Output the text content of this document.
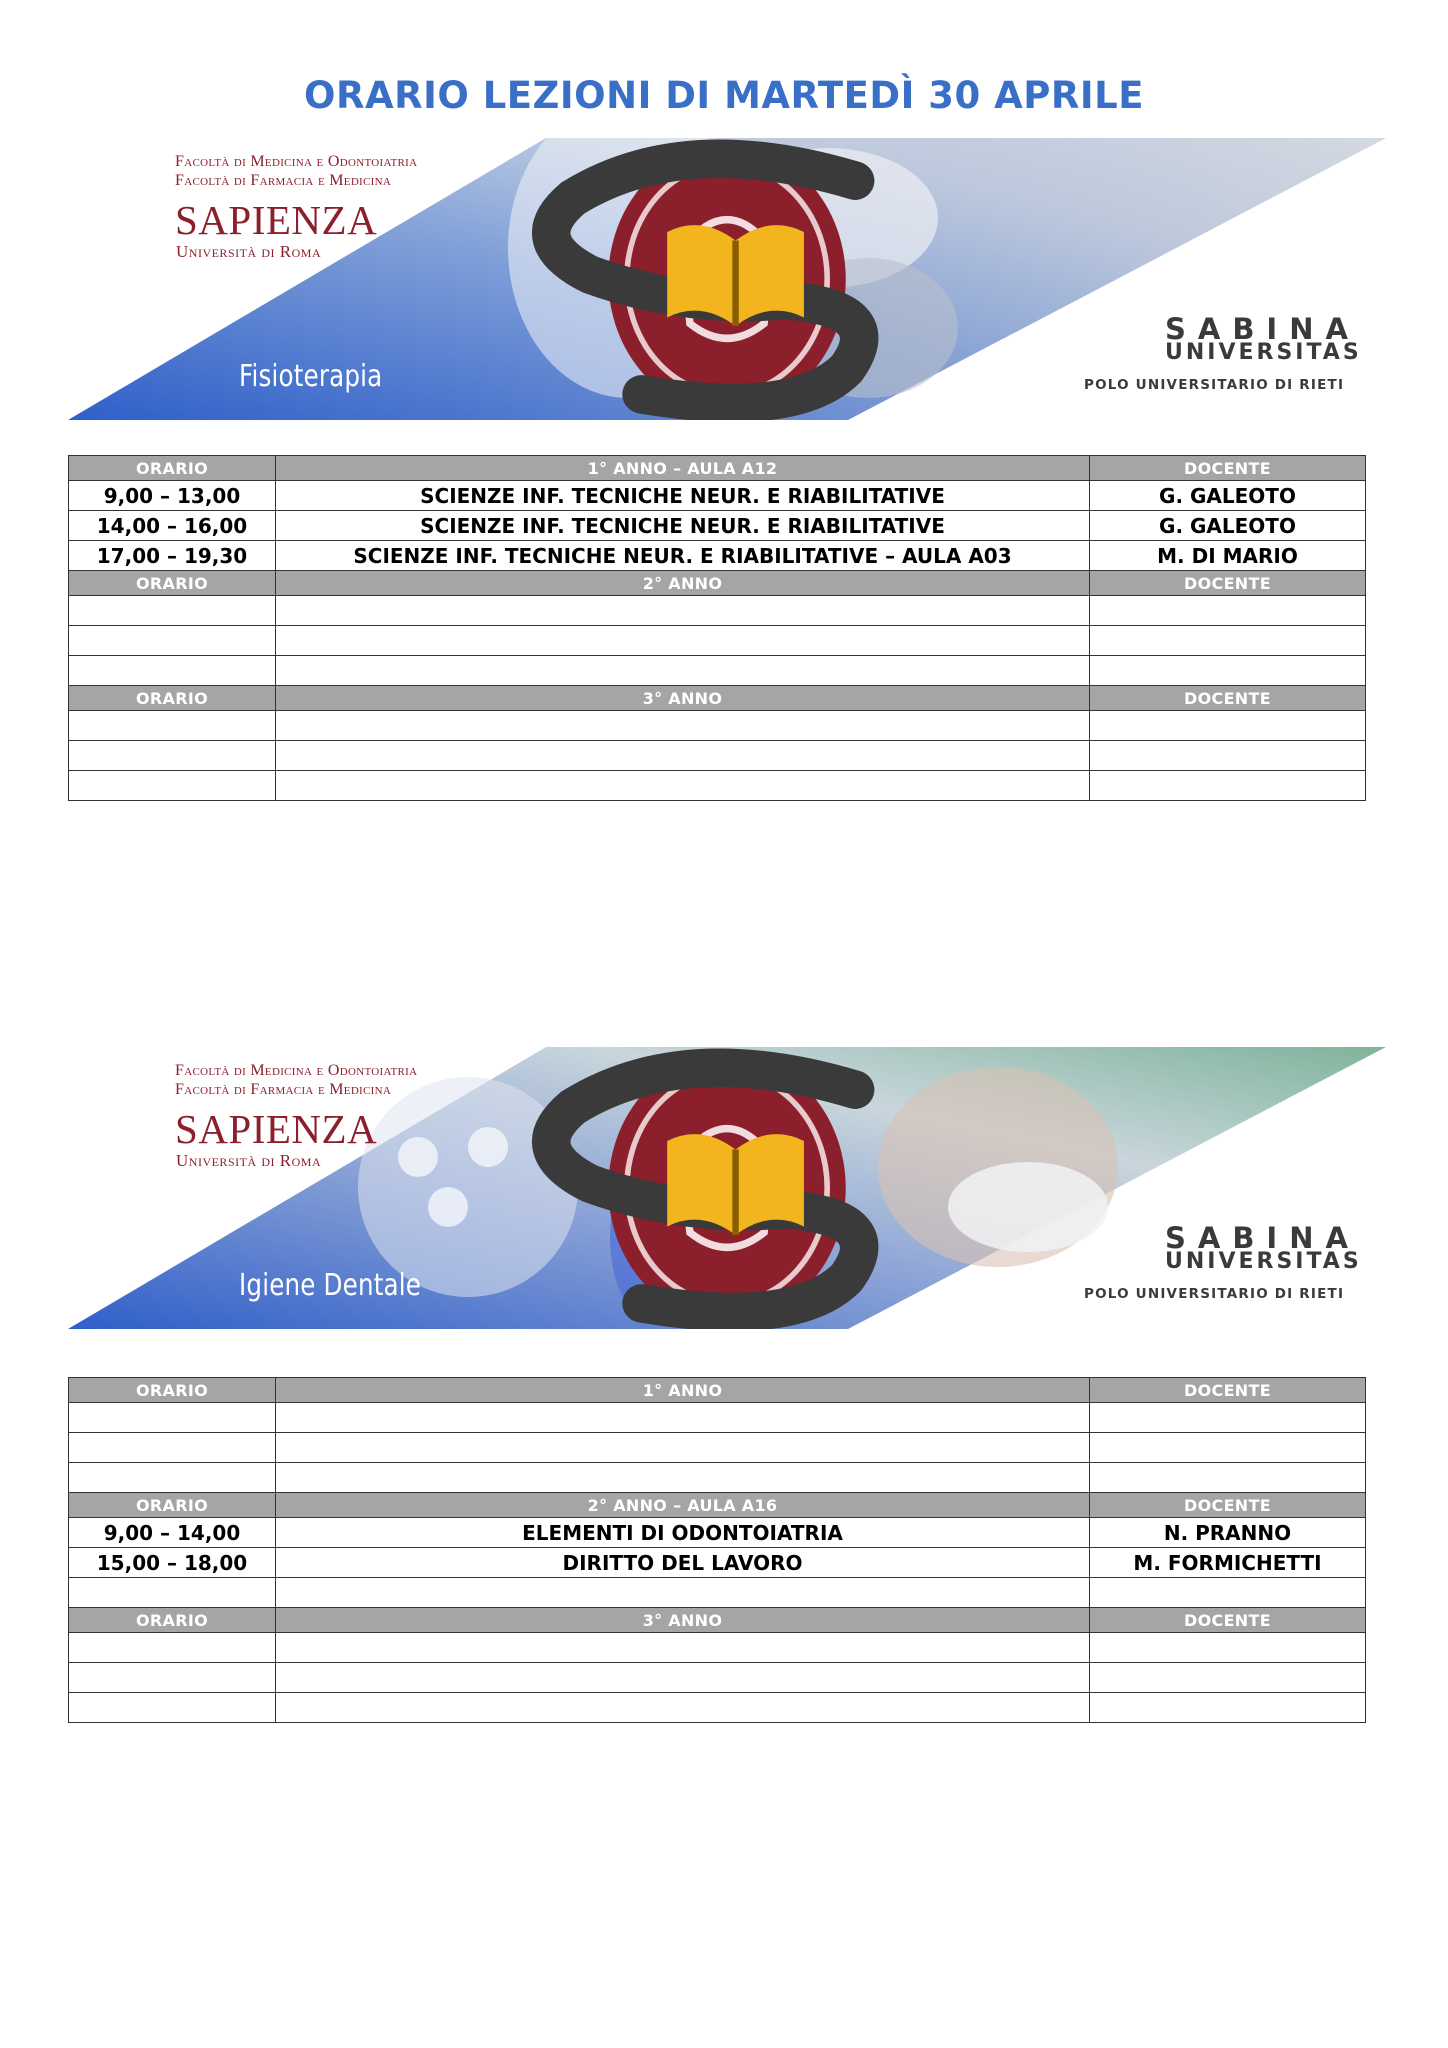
ORARIO LEZIONI DI MARTEDÌ 30 APRILE
Facoltà di Medicina e Odontoiatria
Facoltà di Farmacia e Medicina
SAPIENZA
Università di Roma
Fisioterapia
SABINA
UNIVERSITAS
POLO UNIVERSITARIO DI RIETI
ORARIO	1° ANNO – AULA A12	DOCENTE
9,00 – 13,00	SCIENZE INF. TECNICHE NEUR. E RIABILITATIVE	G. GALEOTO
14,00 – 16,00	SCIENZE INF. TECNICHE NEUR. E RIABILITATIVE	G. GALEOTO
17,00 – 19,30	SCIENZE INF. TECNICHE NEUR. E RIABILITATIVE – AULA A03	M. DI MARIO
ORARIO	2° ANNO	DOCENTE

ORARIO	3° ANNO	DOCENTE

Facoltà di Medicina e Odontoiatria
Facoltà di Farmacia e Medicina
SAPIENZA
Università di Roma
Igiene Dentale
SABINA
UNIVERSITAS
POLO UNIVERSITARIO DI RIETI
ORARIO	1° ANNO	DOCENTE

ORARIO	2° ANNO – AULA A16	DOCENTE
9,00 – 14,00	ELEMENTI DI ODONTOIATRIA	N. PRANNO
15,00 – 18,00	DIRITTO DEL LAVORO	M. FORMICHETTI

ORARIO	3° ANNO	DOCENTE
